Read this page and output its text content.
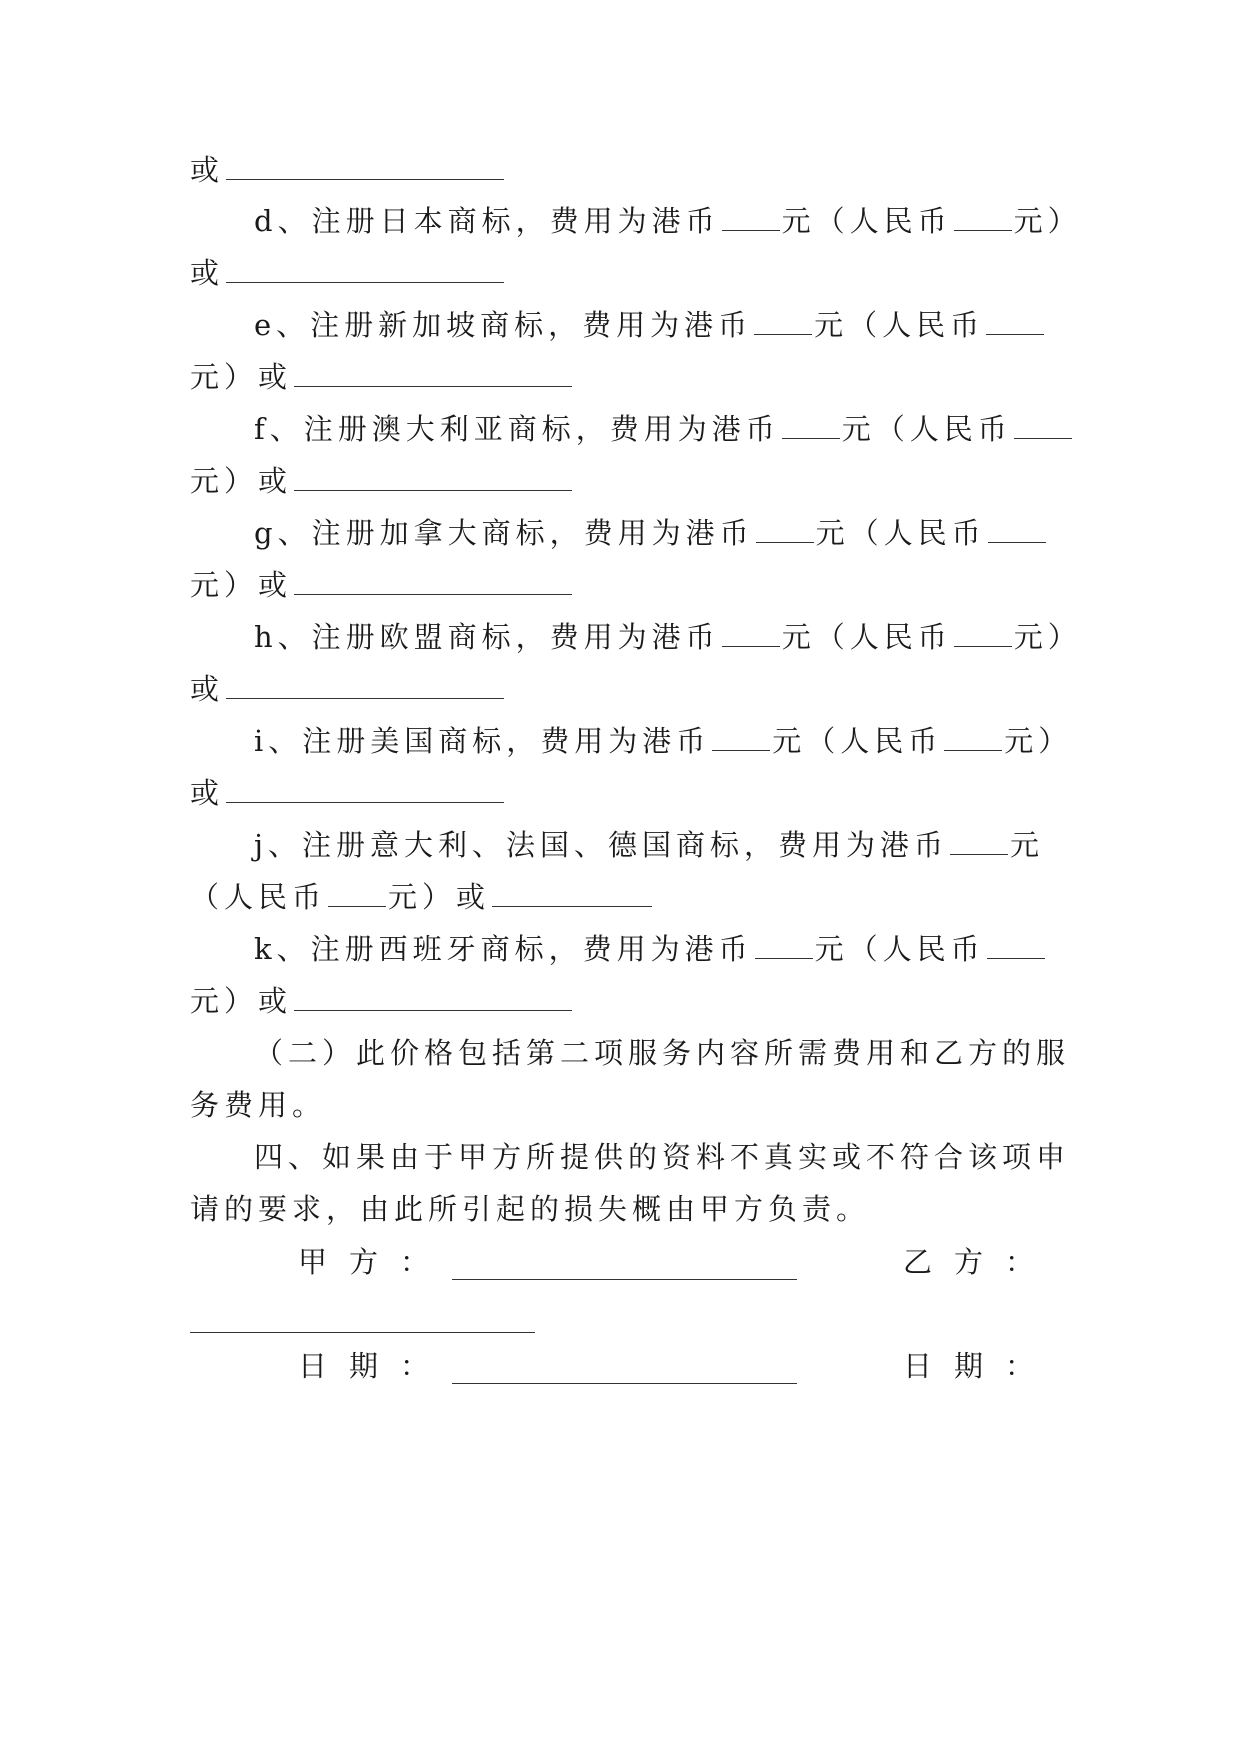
或
d、注册日本商标，费用为港币 元（人民币 元）
或
e、注册新加坡商标，费用为港币 元（人民币
元）或
f、注册澳大利亚商标，费用为港币 元（人民币
元）或
g、注册加拿大商标，费用为港币 元（人民币
元）或
h、注册欧盟商标，费用为港币 元（人民币 元）
或
i、注册美国商标，费用为港币 元（人民币 元）
或
j、注册意大利、法国、德国商标，费用为港币 元
（人民币 元）或
k、注册西班牙商标，费用为港币 元（人民币
元）或
（二）此价格包括第二项服务内容所需费用和乙方的服
务费用。
四、如果由于甲方所提供的资料不真实或不符合该项申
请的要求，由此所引起的损失概由甲方负责。
甲方：	乙方：
日期：	日期：
